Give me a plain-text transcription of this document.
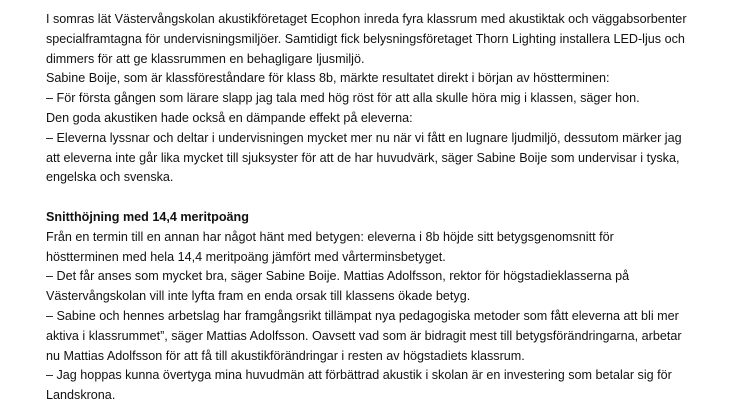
I somras lät Västervångskolan akustikföretaget Ecophon inreda fyra klassrum med akustiktak och väggabsorbenter
specialframtagna för undervisningsmiljöer. Samtidigt fick belysningsföretaget Thorn Lighting installera LED-ljus och
dimmers för att ge klassrummen en behagligare ljusmiljö.
Sabine Boije, som är klassföreståndare för klass 8b, märkte resultatet direkt i början av höstterminen:
– För första gången som lärare slapp jag tala med hög röst för att alla skulle höra mig i klassen, säger hon.
Den goda akustiken hade också en dämpande effekt på eleverna:
– Eleverna lyssnar och deltar i undervisningen mycket mer nu när vi fått en lugnare ljudmiljö, dessutom märker jag
att eleverna inte går lika mycket till sjuksyster för att de har huvudvärk, säger Sabine Boije som undervisar i tyska,
engelska och svenska.
Snitthöjning med 14,4 meritpoäng
Från en termin till en annan har något hänt med betygen: eleverna i 8b höjde sitt betygsgenomsnitt för
höstterminen med hela 14,4 meritpoäng jämfört med vårterminsbetyget.
– Det får anses som mycket bra, säger Sabine Boije. Mattias Adolfsson, rektor för högstadieklasserna på
Västervångskolan vill inte lyfta fram en enda orsak till klassens ökade betyg.
– Sabine och hennes arbetslag har framgångsrikt tillämpat nya pedagogiska metoder som fått eleverna att bli mer
aktiva i klassrummet”, säger Mattias Adolfsson. Oavsett vad som är bidragit mest till betygsförändringarna, arbetar
nu Mattias Adolfsson för att få till akustikförändringar i resten av högstadiets klassrum.
– Jag hoppas kunna övertyga mina huvudmän att förbättrad akustik i skolan är en investering som betalar sig för
Landskrona.
